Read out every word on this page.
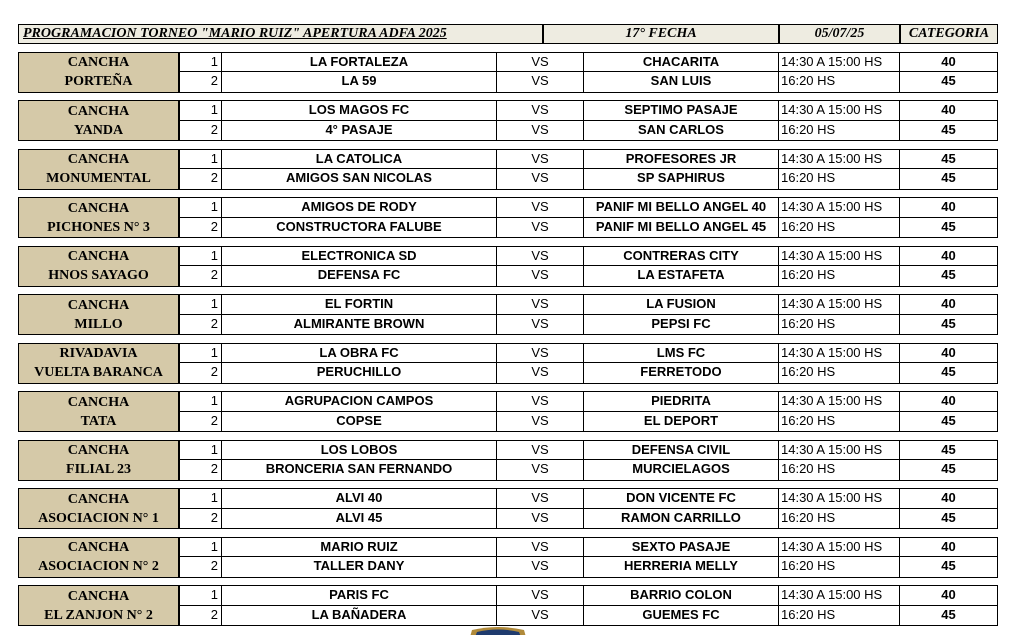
PROGRAMACION TORNEO "MARIO RUIZ" APERTURA ADFA 2025	17° FECHA	05/07/25	CATEGORIA
CANCHA
PORTEÑA
1	LA FORTALEZA	VS	CHACARITA	14:30 A 15:00 HS	40
2	LA 59	VS	SAN LUIS	16:20 HS	45
CANCHA
YANDA
1	LOS MAGOS FC	VS	SEPTIMO PASAJE	14:30 A 15:00 HS	40
2	4° PASAJE	VS	SAN CARLOS	16:20 HS	45
CANCHA
MONUMENTAL
1	LA CATOLICA	VS	PROFESORES JR	14:30 A 15:00 HS	45
2	AMIGOS SAN NICOLAS	VS	SP SAPHIRUS	16:20 HS	45
CANCHA
PICHONES N° 3
1	AMIGOS DE RODY	VS	PANIF MI BELLO ANGEL 40	14:30 A 15:00 HS	40
2	CONSTRUCTORA FALUBE	VS	PANIF MI BELLO ANGEL 45	16:20 HS	45
CANCHA
HNOS SAYAGO
1	ELECTRONICA SD	VS	CONTRERAS CITY	14:30 A 15:00 HS	40
2	DEFENSA FC	VS	LA ESTAFETA	16:20 HS	45
CANCHA
MILLO
1	EL FORTIN	VS	LA FUSION	14:30 A 15:00 HS	40
2	ALMIRANTE BROWN	VS	PEPSI FC	16:20 HS	45
RIVADAVIA
VUELTA BARANCA
1	LA OBRA FC	VS	LMS FC	14:30 A 15:00 HS	40
2	PERUCHILLO	VS	FERRETODO	16:20 HS	45
CANCHA
TATA
1	AGRUPACION CAMPOS	VS	PIEDRITA	14:30 A 15:00 HS	40
2	COPSE	VS	EL DEPORT	16:20 HS	45
CANCHA
FILIAL 23
1	LOS LOBOS	VS	DEFENSA CIVIL	14:30 A 15:00 HS	45
2	BRONCERIA SAN FERNANDO	VS	MURCIELAGOS	16:20 HS	45
CANCHA
ASOCIACION N° 1
1	ALVI 40	VS	DON VICENTE FC	14:30 A 15:00 HS	40
2	ALVI 45	VS	RAMON CARRILLO	16:20 HS	45
CANCHA
ASOCIACION N° 2
1	MARIO RUIZ	VS	SEXTO PASAJE	14:30 A 15:00 HS	40
2	TALLER DANY	VS	HERRERIA MELLY	16:20 HS	45
CANCHA
EL ZANJON N° 2
1	PARIS FC	VS	BARRIO COLON	14:30 A 15:00 HS	40
2	LA BAÑADERA	VS	GUEMES FC	16:20 HS	45
